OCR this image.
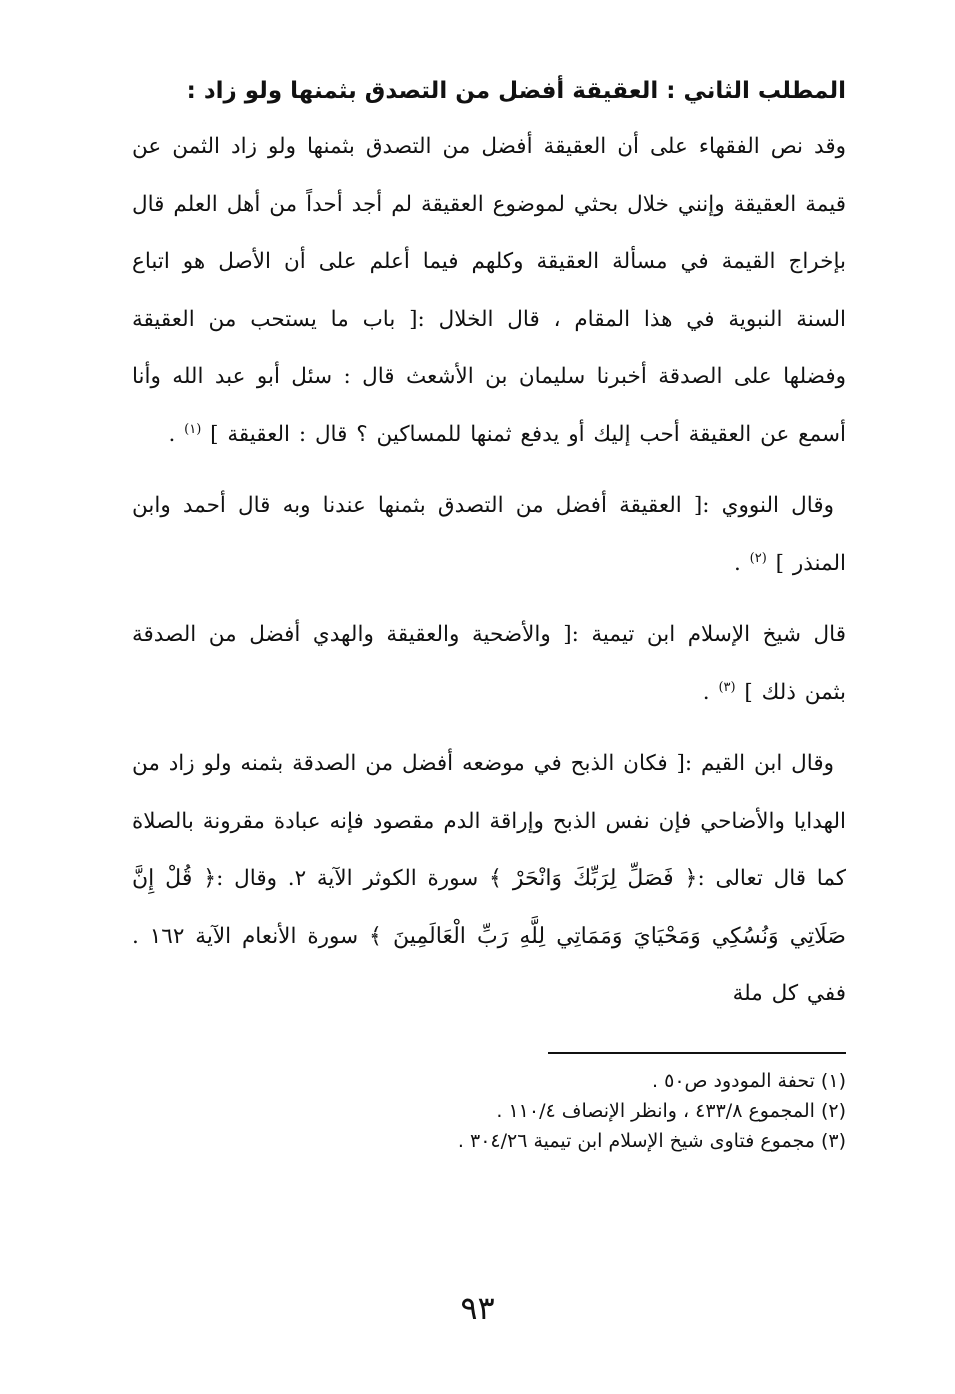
المطلب الثاني : العقيقة أفضل من التصدق بثمنها ولو زاد :

وقد نص الفقهاء على أن العقيقة أفضل من التصدق بثمنها ولو زاد الثمن عن قيمة العقيقة وإنني خلال بحثي لموضوع العقيقة لم أجد أحداً من أهل العلم قال بإخراج القيمة في مسألة العقيقة وكلهم فيما أعلم على أن الأصل هو اتباع السنة النبوية في هذا المقام ، قال الخلال :[ باب ما يستحب من العقيقة وفضلها على الصدقة أخبرنا سليمان بن الأشعث قال : سئل أبو عبد الله وأنا أسمع عن العقيقة أحب إليك أو يدفع ثمنها للمساكين ؟ قال : العقيقة ] $^{(١)}$ .

وقال النووي :[ العقيقة أفضل من التصدق بثمنها عندنا وبه قال أحمد وابن المنذر ] $^{(٢)}$ .

قال شيخ الإسلام ابن تيمية :[ والأضحية والعقيقة والهدي أفضل من الصدقة بثمن ذلك ] $^{(٣)}$ .

وقال ابن القيم :[ فكان الذبح في موضعه أفضل من الصدقة بثمنه ولو زاد من الهدايا والأضاحي فإن نفس الذبح وإراقة الدم مقصود فإنه عبادة مقرونة بالصلاة كما قال تعالى :﴿ فَصَلِّ لِرَبِّكَ وَانْحَرْ ﴾ سورة الكوثر الآية ٢. وقال :﴿ قُلْ إِنَّ صَلَاتِي وَنُسُكِي وَمَحْيَايَ وَمَمَاتِي لِلَّهِ رَبِّ الْعَالَمِينَ ﴾ سورة الأنعام الآية ١٦٢ . ففي كل ملة

(١) تحفة المودود ص٥٠ .
(٢) المجموع ٤٣٣/٨ ، وانظر الإنصاف ١١٠/٤ .
(٣) مجموع فتاوى شيخ الإسلام ابن تيمية ٣٠٤/٢٦ .
٩٣
